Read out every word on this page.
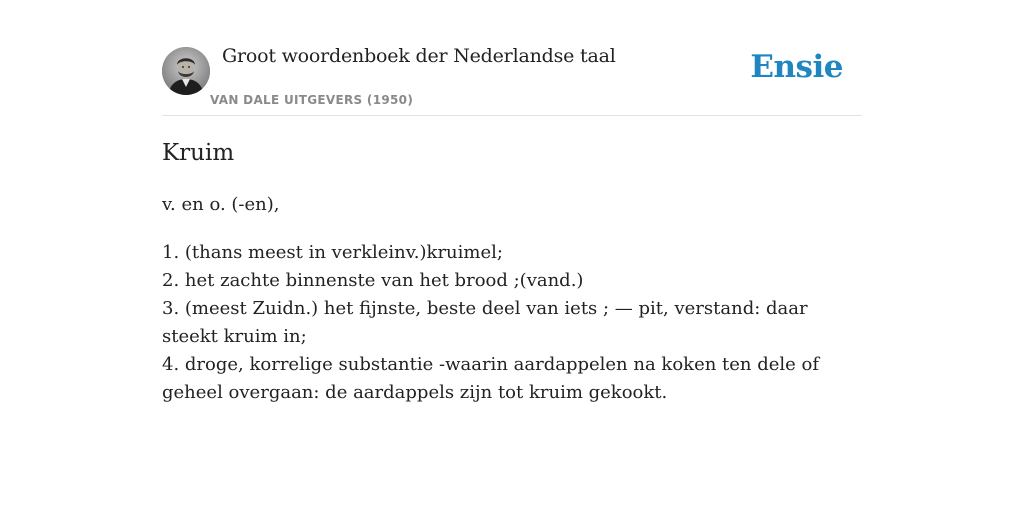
Groot woordenboek der Nederlandse taal
VAN DALE UITGEVERS (1950)
Ensie
Kruim
v. en o. (-en),
1. (thans meest in verkleinv.)kruimel;
2. het zachte binnenste van het brood ;(vand.)
3. (meest Zuidn.) het fijnste, beste deel van iets ; — pit, verstand: daar steekt kruim in;
4. droge, korrelige substantie -waarin aardappelen na koken ten dele of geheel overgaan: de aardappels zijn tot kruim gekookt.
